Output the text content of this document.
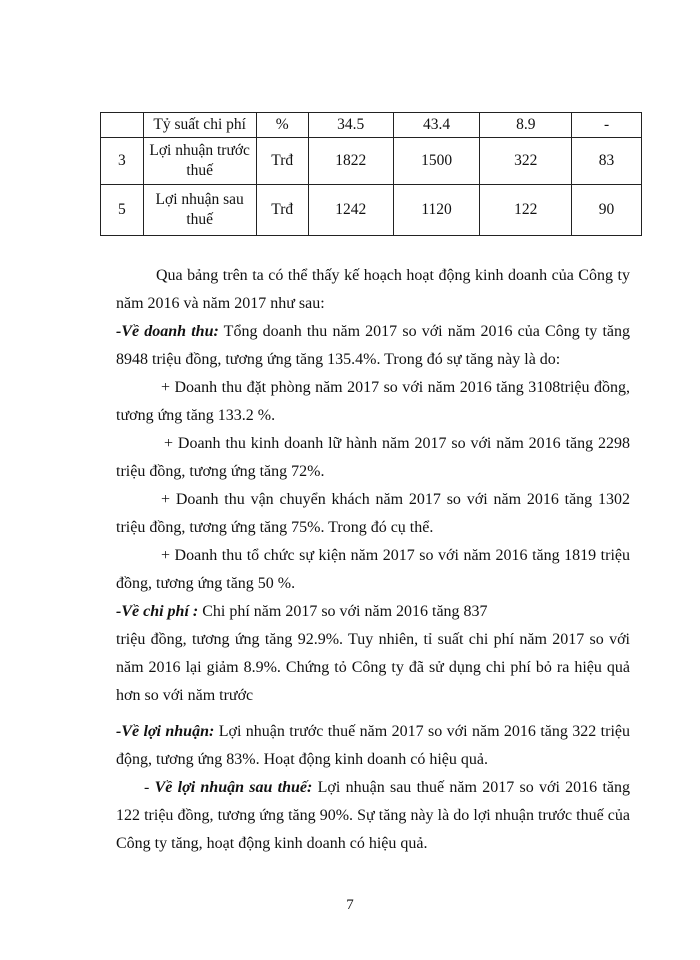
	Tỷ suất chi phí	%	34.5	43.4	8.9	-
3	Lợi nhuận trước thuế	Trđ	1822	1500	322	83
5	Lợi nhuận sau thuế	Trđ	1242	1120	122	90

Qua bảng trên ta có thể thấy kế hoạch hoạt động kinh doanh của Công ty năm 2016 và năm 2017 như sau:

-Về doanh thu: Tổng doanh thu năm 2017 so với năm 2016 của Công ty tăng 8948 triệu đồng, tương ứng tăng 135.4%. Trong đó sự tăng này là do:

+ Doanh thu đặt phòng năm 2017 so với năm 2016 tăng 3108triệu đồng, tương ứng tăng 133.2 %.

+ Doanh thu kinh doanh lữ hành năm 2017 so với năm 2016 tăng 2298 triệu đồng, tương ứng tăng 72%.

+ Doanh thu vận chuyển khách năm 2017 so với năm 2016 tăng 1302 triệu đồng, tương ứng tăng 75%. Trong đó cụ thể.

+ Doanh thu tổ chức sự kiện năm 2017 so với năm 2016 tăng 1819 triệu đồng, tương ứng tăng 50 %.

-Về chi phí : Chi phí năm 2017 so với năm 2016 tăng 837

triệu đồng, tương ứng tăng 92.9%. Tuy nhiên, tỉ suất chi phí năm 2017 so với năm 2016 lại giảm 8.9%. Chứng tỏ Công ty đã sử dụng chi phí bỏ ra hiệu quả hơn so với năm trước

-Về lợi nhuận: Lợi nhuận trước thuế năm 2017 so với năm 2016 tăng 322 triệu động, tương ứng 83%. Hoạt động kinh doanh có hiệu quả.

- Về lợi nhuận sau thuế: Lợi nhuận sau thuế năm 2017 so với 2016 tăng 122 triệu đồng, tương ứng tăng 90%. Sự tăng này là do lợi nhuận trước thuế của Công ty tăng, hoạt động kinh doanh có hiệu quả.

7
